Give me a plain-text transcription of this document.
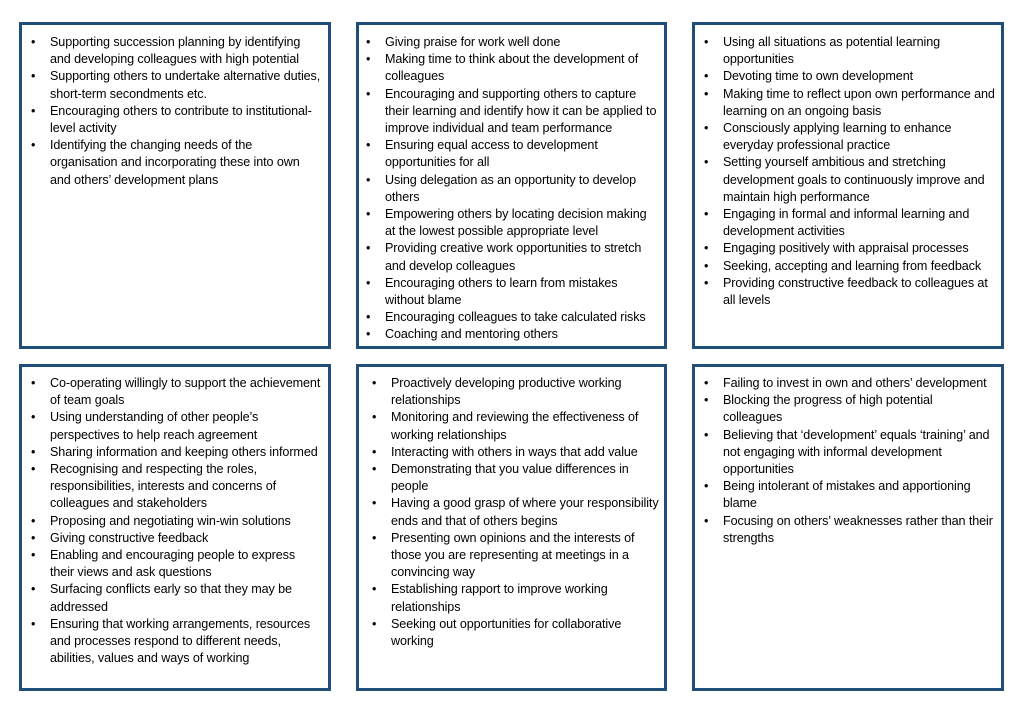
• Supporting succession planning by identifying and developing colleagues with high potential
• Supporting others to undertake alternative duties, short-term secondments etc.
• Encouraging others to contribute to institutional-level activity
• Identifying the changing needs of the organisation and incorporating these into own and others’ development plans
• Giving praise for work well done
• Making time to think about the development of colleagues
• Encouraging and supporting others to capture their learning and identify how it can be applied to improve individual and team performance
• Ensuring equal access to development opportunities for all
• Using delegation as an opportunity to develop others
• Empowering others by locating decision making at the lowest possible appropriate level
• Providing creative work opportunities to stretch and develop colleagues
• Encouraging others to learn from mistakes without blame
• Encouraging colleagues to take calculated risks
• Coaching and mentoring others
• Using all situations as potential learning opportunities
• Devoting time to own development
• Making time to reflect upon own performance and learning on an ongoing basis
• Consciously applying learning to enhance everyday professional practice
• Setting yourself ambitious and stretching development goals to continuously improve and maintain high performance
• Engaging in formal and informal learning and development activities
• Engaging positively with appraisal processes
• Seeking, accepting and learning from feedback
• Providing constructive feedback to colleagues at all levels
• Co-operating willingly to support the achievement of team goals
• Using understanding of other people’s perspectives to help reach agreement
• Sharing information and keeping others informed
• Recognising and respecting the roles, responsibilities, interests and concerns of colleagues and stakeholders
• Proposing and negotiating win-win solutions
• Giving constructive feedback
• Enabling and encouraging people to express their views and ask questions
• Surfacing conflicts early so that they may be addressed
• Ensuring that working arrangements, resources and processes respond to different needs, abilities, values and ways of working
• Proactively developing productive working relationships
• Monitoring and reviewing the effectiveness of working relationships
• Interacting with others in ways that add value
• Demonstrating that you value differences in people
• Having a good grasp of where your responsibility ends and that of others begins
• Presenting own opinions and the interests of those you are representing at meetings in a convincing way
• Establishing rapport to improve working relationships
• Seeking out opportunities for collaborative working
• Failing to invest in own and others’ development
• Blocking the progress of high potential colleagues
• Believing that ‘development’ equals ‘training’ and not engaging with informal development opportunities
• Being intolerant of mistakes and apportioning blame
• Focusing on others’ weaknesses rather than their strengths
